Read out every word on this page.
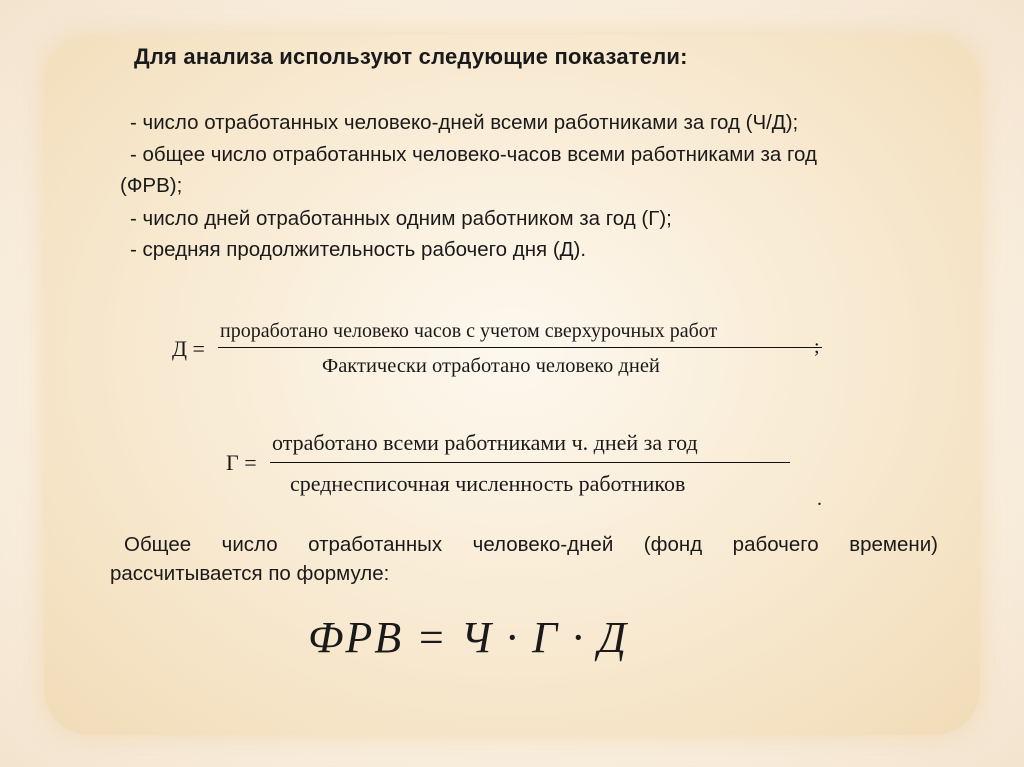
Для анализа используют следующие показатели:
- число отработанных человеко-дней всеми работниками за год (Ч/Д);
- общее число отработанных человеко-часов всеми работниками за год
(ФРВ);
- число дней отработанных одним работником за год (Г);
- средняя продолжительность рабочего дня (Д).
Д =
проработано человеко часов с учетом сверхурочных работ
Фактически отработано человеко дней
;
Г =
отработано всеми работниками ч. дней за год
среднесписочная численность работников
.
Общее число отработанных человеко-дней (фонд рабочего времени)
рассчитывается по формуле:
ФРВ = Ч · Г · Д
